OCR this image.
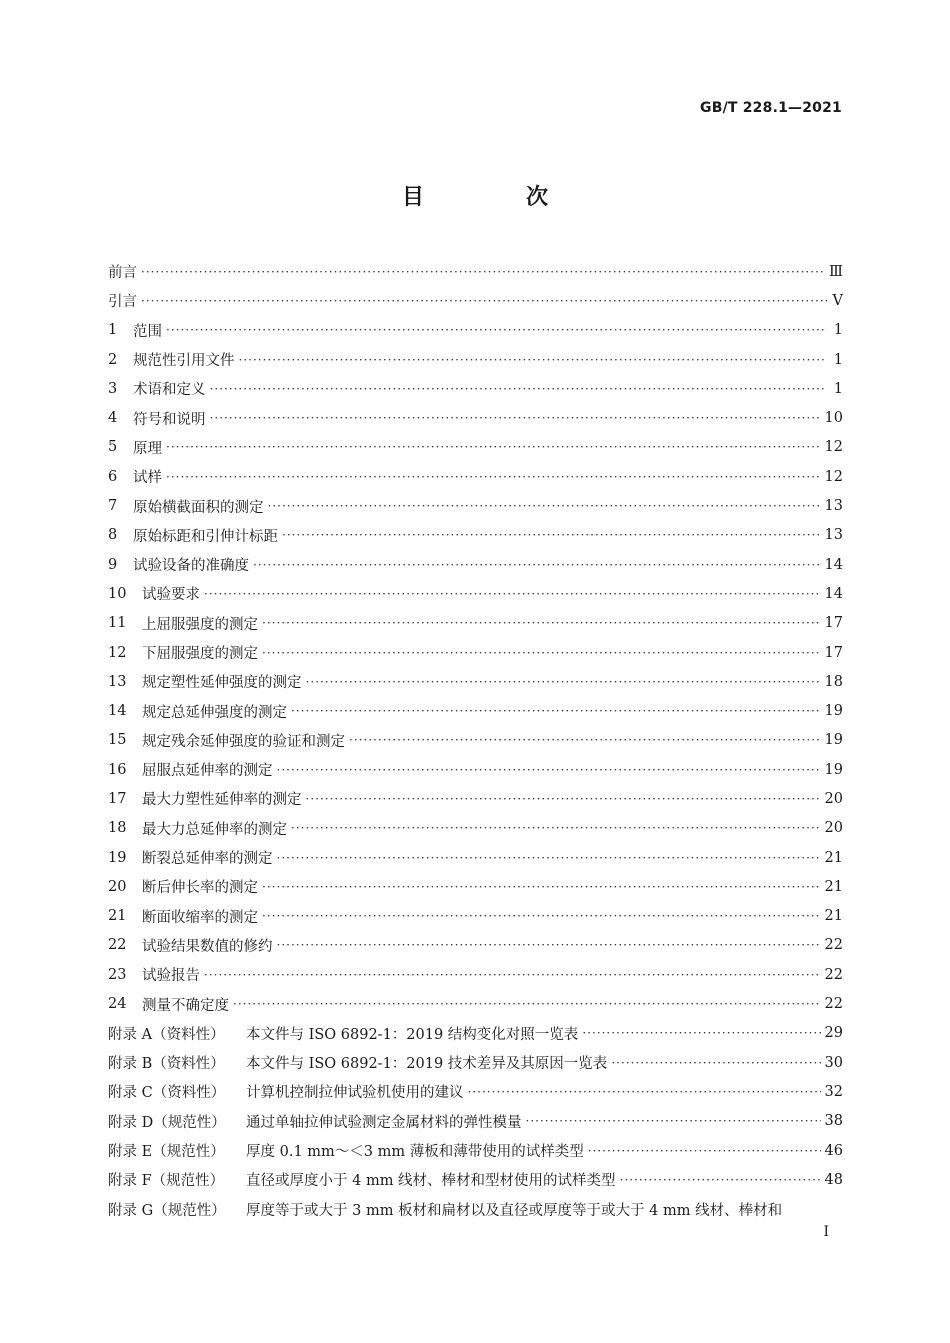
GB/T 228.1—2021
目　次
前言 ·····	Ⅲ
引言 ·····	Ⅴ
1	范围 ·····	1
2	规范性引用文件 ·····	1
3	术语和定义 ·····	1
4	符号和说明 ·····	10
5	原理 ·····	12
6	试样 ·····	12
7	原始横截面积的测定 ·····	13
8	原始标距和引伸计标距 ·····	13
9	试验设备的准确度 ·····	14
10	试验要求 ·····	14
11	上屈服强度的测定 ·····	17
12	下屈服强度的测定 ·····	17
13	规定塑性延伸强度的测定 ·····	18
14	规定总延伸强度的测定 ·····	19
15	规定残余延伸强度的验证和测定 ·····	19
16	屈服点延伸率的测定 ·····	19
17	最大力塑性延伸率的测定 ·····	20
18	最大力总延伸率的测定 ·····	20
19	断裂总延伸率的测定 ·····	21
20	断后伸长率的测定 ·····	21
21	断面收缩率的测定 ·····	21
22	试验结果数值的修约 ·····	22
23	试验报告 ·····	22
24	测量不确定度 ·····	22
附录 A（资料性）	本文件与 ISO 6892-1：2019 结构变化对照一览表 ·····	29
附录 B（资料性）	本文件与 ISO 6892-1：2019 技术差异及其原因一览表 ·····	30
附录 C（资料性）	计算机控制拉伸试验机使用的建议 ·····	32
附录 D（规范性）	通过单轴拉伸试验测定金属材料的弹性模量 ·····	38
附录 E（规范性）	厚度 0.1 mm～＜3 mm 薄板和薄带使用的试样类型 ·····	46
附录 F（规范性）	直径或厚度小于 4 mm 线材、棒材和型材使用的试样类型 ·····	48
附录 G（规范性）	厚度等于或大于 3 mm 板材和扁材以及直径或厚度等于或大于 4 mm 线材、棒材和
Ⅰ
